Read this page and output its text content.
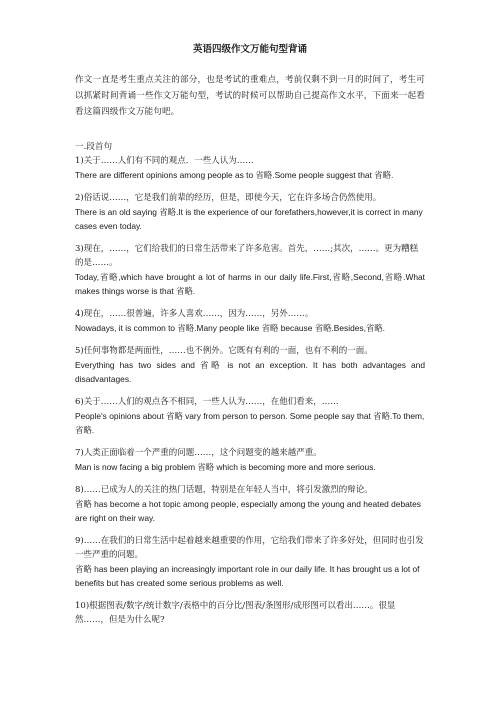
英语四级作文万能句型背诵
作文一直是考生重点关注的部分，也是考试的重难点，考前仅剩不到一月的时间了，考生可以抓紧时间背诵一些作文万能句型，考试的时候可以帮助自己提高作文水平，下面来一起看看这篇四级作文万能句吧。

一.段首句

1)关于……人们有不同的观点．一些人认为……

There are different opinions among people as to 省略.Some people suggest that 省略.

2)俗话说……，它是我们前辈的经历，但是，即使今天，它在许多场合仍然使用。

There is an old saying 省略.It is the experience of our forefathers,however,it is correct in many cases even today.

3)现在，……，它们给我们的日常生活带来了许多危害。首先，……;其次，……。更为糟糕的是……。

Today,省略,which have brought a lot of harms in our daily life.First,省略,Second,省略.What makes things worse is that 省略.

4)现在，……很普遍，许多人喜欢……，因为……，另外……。

Nowadays, it is common to 省略.Many people like 省略 because 省略.Besides,省略.

5)任何事物都是两面性，……也不例外。它既有有利的一面，也有不利的一面。

Everything has two sides and 省略 is not an exception. It has both advantages and disadvantages.

6)关于……人们的观点各不相同，一些人认为……，在他们看来，……

People's opinions about 省略 vary from person to person. Some people say that 省略.To them, 省略.

7)人类正面临着一个严重的问题……，这个问题变的越来越严重。

Man is now facing a big problem 省略 which is becoming more and more serious.

8)……已成为人的关注的热门话题，特别是在年轻人当中，将引发激烈的辩论。

省略 has become a hot topic among people, especially among the young and heated debates are right on their way.

9)……在我们的日常生活中起着越来越重要的作用，它给我们带来了许多好处，但同时也引发一些严重的问题。

省略 has been playing an increasingly important role in our daily life. It has brought us a lot of benefits but has created some serious problems as well.

10)根据图表/数字/统计数字/表格中的百分比/图表/条图形/成形图可以看出……。很显然……，但是为什么呢?
